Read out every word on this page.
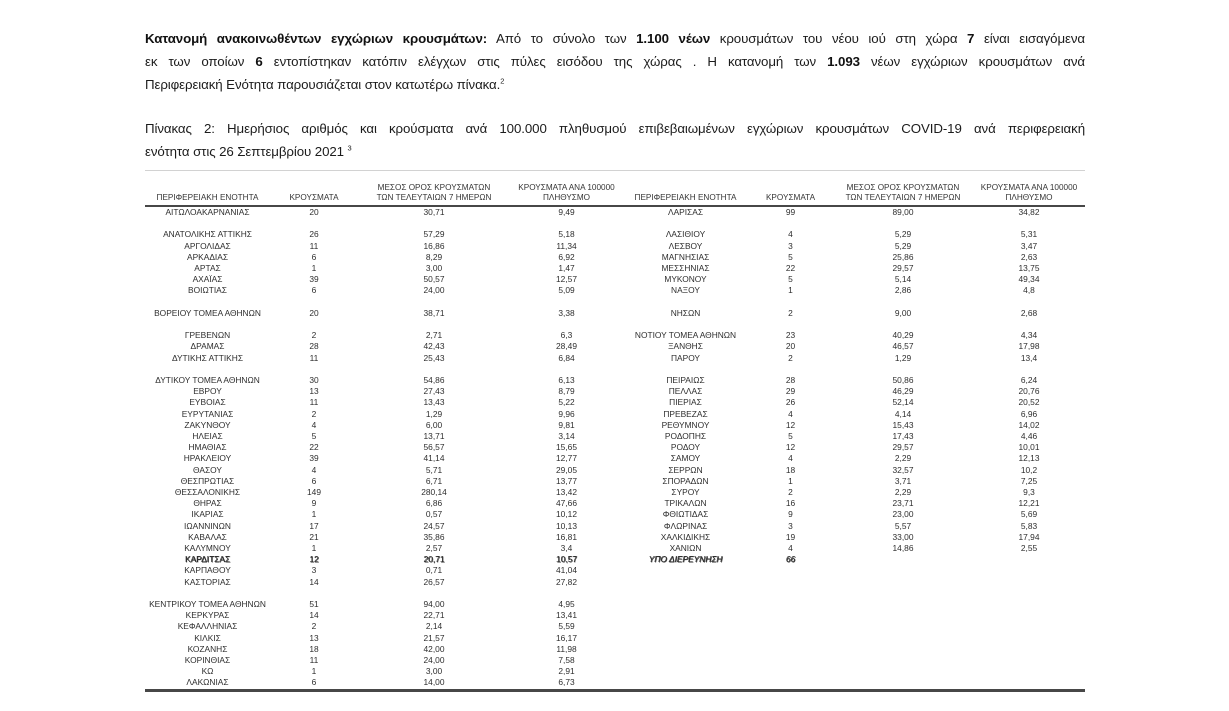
Κατανομή ανακοινωθέντων εγχώριων κρουσμάτων: Από το σύνολο των 1.100 νέων κρουσμάτων του νέου ιού στη χώρα 7 είναι εισαγόμενα
εκ των οποίων 6 εντοπίστηκαν κατόπιν ελέγχων στις πύλες εισόδου της χώρας . Η κατανομή των 1.093 νέων εγχώριων κρουσμάτων ανά
Περιφερειακή Ενότητα παρουσιάζεται στον κατωτέρω πίνακα.$^2$
Πίνακας 2: Ημερήσιος αριθμός και κρούσματα ανά 100.000 πληθυσμού επιβεβαιωμένων εγχώριων κρουσμάτων COVID-19 ανά περιφερειακή
ενότητα στις 26 Σεπτεμβρίου 2021 $^3$
ΠΕΡΙΦΕΡΕΙΑΚΗ ΕΝΟΤΗΤΑ	ΚΡΟΥΣΜΑΤΑ

ΜΕΣΟΣ ΟΡΟΣ ΚΡΟΥΣΜΑΤΩΝ
ΤΩΝ ΤΕΛΕΥΤΑΙΩΝ 7 ΗΜΕΡΩΝ

ΚΡΟΥΣΜΑΤΑ ΑΝΑ 100000
ΠΛΗΘΥΣΜΟ	ΠΕΡΙΦΕΡΕΙΑΚΗ ΕΝΟΤΗΤΑ	ΚΡΟΥΣΜΑΤΑ

ΜΕΣΟΣ ΟΡΟΣ ΚΡΟΥΣΜΑΤΩΝ
ΤΩΝ ΤΕΛΕΥΤΑΙΩΝ 7 ΗΜΕΡΩΝ

ΚΡΟΥΣΜΑΤΑ ΑΝΑ 100000
ΠΛΗΘΥΣΜΟ

ΑΙΤΩΛΟΑΚΑΡΝΑΝΙΑΣ	20	30,71	9,49	ΛΑΡΙΣΑΣ	99	89,00	34,82

ΑΝΑΤΟΛΙΚΗΣ ΑΤΤΙΚΗΣ	26	57,29	5,18	ΛΑΣΙΘΙΟΥ	4	5,29	5,31
ΑΡΓΟΛΙΔΑΣ	11	16,86	11,34	ΛΕΣΒΟΥ	3	5,29	3,47
ΑΡΚΑΔΙΑΣ	6	8,29	6,92	ΜΑΓΝΗΣΙΑΣ	5	25,86	2,63
ΑΡΤΑΣ	1	3,00	1,47	ΜΕΣΣΗΝΙΑΣ	22	29,57	13,75
ΑΧΑΪΑΣ	39	50,57	12,57	ΜΥΚΟΝΟΥ	5	5,14	49,34
ΒΟΙΩΤΙΑΣ	6	24,00	5,09	ΝΑΞΟΥ	1	2,86	4,8

ΒΟΡΕΙΟΥ ΤΟΜΕΑ ΑΘΗΝΩΝ	20	38,71	3,38	ΝΗΣΩΝ	2	9,00	2,68

ΓΡΕΒΕΝΩΝ	2	2,71	6,3	ΝΟΤΙΟΥ ΤΟΜΕΑ ΑΘΗΝΩΝ	23	40,29	4,34
ΔΡΑΜΑΣ	28	42,43	28,49	ΞΑΝΘΗΣ	20	46,57	17,98
ΔΥΤΙΚΗΣ ΑΤΤΙΚΗΣ	11	25,43	6,84	ΠΑΡΟΥ	2	1,29	13,4

ΔΥΤΙΚΟΥ ΤΟΜΕΑ ΑΘΗΝΩΝ	30	54,86	6,13	ΠΕΙΡΑΙΩΣ	28	50,86	6,24
ΕΒΡΟΥ	13	27,43	8,79	ΠΕΛΛΑΣ	29	46,29	20,76
ΕΥΒΟΙΑΣ	11	13,43	5,22	ΠΙΕΡΙΑΣ	26	52,14	20,52
ΕΥΡΥΤΑΝΙΑΣ	2	1,29	9,96	ΠΡΕΒΕΖΑΣ	4	4,14	6,96
ΖΑΚΥΝΘΟΥ	4	6,00	9,81	ΡΕΘΥΜΝΟΥ	12	15,43	14,02
ΗΛΕΙΑΣ	5	13,71	3,14	ΡΟΔΟΠΗΣ	5	17,43	4,46
ΗΜΑΘΙΑΣ	22	56,57	15,65	ΡΟΔΟΥ	12	29,57	10,01
ΗΡΑΚΛΕΙΟΥ	39	41,14	12,77	ΣΑΜΟΥ	4	2,29	12,13
ΘΑΣΟΥ	4	5,71	29,05	ΣΕΡΡΩΝ	18	32,57	10,2
ΘΕΣΠΡΩΤΙΑΣ	6	6,71	13,77	ΣΠΟΡΑΔΩΝ	1	3,71	7,25
ΘΕΣΣΑΛΟΝΙΚΗΣ	149	280,14	13,42	ΣΥΡΟΥ	2	2,29	9,3
ΘΗΡΑΣ	9	6,86	47,66	ΤΡΙΚΑΛΩΝ	16	23,71	12,21
ΙΚΑΡΙΑΣ	1	0,57	10,12	ΦΘΙΩΤΙΔΑΣ	9	23,00	5,69
ΙΩΑΝΝΙΝΩΝ	17	24,57	10,13	ΦΛΩΡΙΝΑΣ	3	5,57	5,83
ΚΑΒΑΛΑΣ	21	35,86	16,81	ΧΑΛΚΙΔΙΚΗΣ	19	33,00	17,94
ΚΑΛΥΜΝΟΥ	1	2,57	3,4	ΧΑΝΙΩΝ	4	14,86	2,55
ΚΑΡΔΙΤΣΑΣ	12	20,71	10,57	ΥΠΟ ΔΙΕΡΕΥΝΗΣΗ	66		
ΚΑΡΠΑΘΟΥ	3	0,71	41,04				
ΚΑΣΤΟΡΙΑΣ	14	26,57	27,82				

ΚΕΝΤΡΙΚΟΥ ΤΟΜΕΑ ΑΘΗΝΩΝ	51	94,00	4,95				
ΚΕΡΚΥΡΑΣ	14	22,71	13,41				
ΚΕΦΑΛΛΗΝΙΑΣ	2	2,14	5,59				
ΚΙΛΚΙΣ	13	21,57	16,17				
ΚΟΖΑΝΗΣ	18	42,00	11,98				
ΚΟΡΙΝΘΙΑΣ	11	24,00	7,58				
ΚΩ	1	3,00	2,91				
ΛΑΚΩΝΙΑΣ	6	14,00	6,73				
